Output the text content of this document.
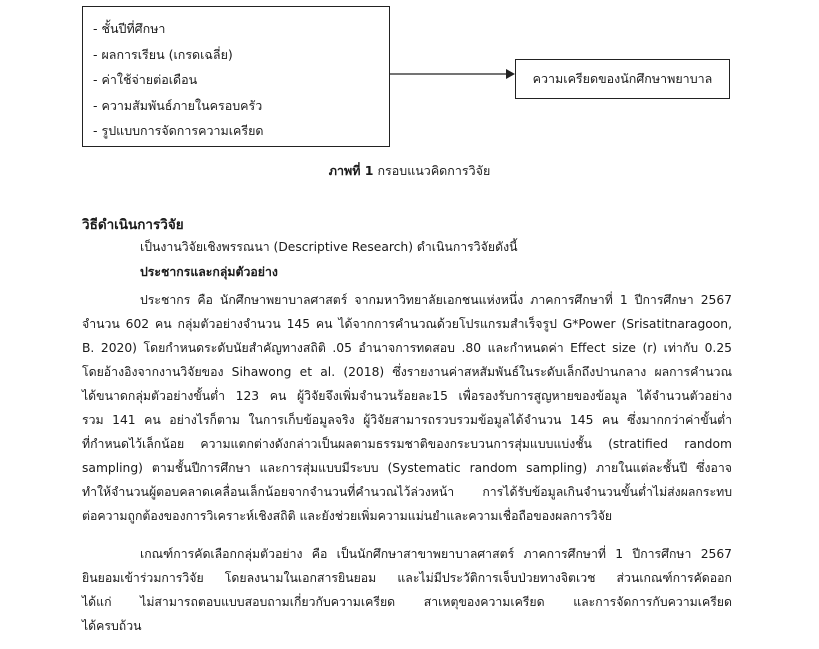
- ชั้นปีที่ศึกษา
- ผลการเรียน (เกรดเฉลี่ย)
- ค่าใช้จ่ายต่อเดือน
- ความสัมพันธ์ภายในครอบครัว
- รูปแบบการจัดการความเครียด
ความเครียดของนักศึกษาพยาบาล
ภาพที่ 1 กรอบแนวคิดการวิจัย
วิธีดำเนินการวิจัย
เป็นงานวิจัยเชิงพรรณนา (Descriptive Research) ดำเนินการวิจัยดังนี้
ประชากรและกลุ่มตัวอย่าง
ประชากร คือ นักศึกษาพยาบาลศาสตร์ จากมหาวิทยาลัยเอกชนแห่งหนึ่ง ภาคการศึกษาที่ 1 ปีการศึกษา 2567
จำนวน 602 คน กลุ่มตัวอย่างจำนวน 145 คน ได้จากการคำนวณด้วยโปรแกรมสำเร็จรูป G*Power (Srisatitnaragoon,
B. 2020) โดยกำหนดระดับนัยสำคัญทางสถิติ .05 อำนาจการทดสอบ .80 และกำหนดค่า Effect size (r) เท่ากับ 0.25
โดยอ้างอิงจากงานวิจัยของ Sihawong et al. (2018) ซึ่งรายงานค่าสหสัมพันธ์ในระดับเล็กถึงปานกลาง ผลการคำนวณ
ได้ขนาดกลุ่มตัวอย่างขั้นต่ำ 123 คน ผู้วิจัยจึงเพิ่มจำนวนร้อยละ15 เพื่อรองรับการสูญหายของข้อมูล ได้จำนวนตัวอย่าง
รวม 141 คน อย่างไรก็ตาม ในการเก็บข้อมูลจริง ผู้วิจัยสามารถรวบรวมข้อมูลได้จำนวน 145 คน ซึ่งมากกว่าค่าขั้นต่ำ
ที่กำหนดไว้เล็กน้อย ความแตกต่างดังกล่าวเป็นผลตามธรรมชาติของกระบวนการสุ่มแบบแบ่งชั้น (stratified random
sampling) ตามชั้นปีการศึกษา และการสุ่มแบบมีระบบ (Systematic random sampling) ภายในแต่ละชั้นปี ซึ่งอาจ
ทำให้จำนวนผู้ตอบคลาดเคลื่อนเล็กน้อยจากจำนวนที่คำนวณไว้ล่วงหน้า การได้รับข้อมูลเกินจำนวนขั้นต่ำไม่ส่งผลกระทบ
ต่อความถูกต้องของการวิเคราะห์เชิงสถิติ และยังช่วยเพิ่มความแม่นยำและความเชื่อถือของผลการวิจัย
เกณฑ์การคัดเลือกกลุ่มตัวอย่าง คือ เป็นนักศึกษาสาขาพยาบาลศาสตร์ ภาคการศึกษาที่ 1 ปีการศึกษา 2567
ยินยอมเข้าร่วมการวิจัย โดยลงนามในเอกสารยินยอม และไม่มีประวัติการเจ็บป่วยทางจิตเวช ส่วนเกณฑ์การคัดออก
ได้แก่ ไม่สามารถตอบแบบสอบถามเกี่ยวกับความเครียด สาเหตุของความเครียด และการจัดการกับความเครียด
ได้ครบถ้วน
